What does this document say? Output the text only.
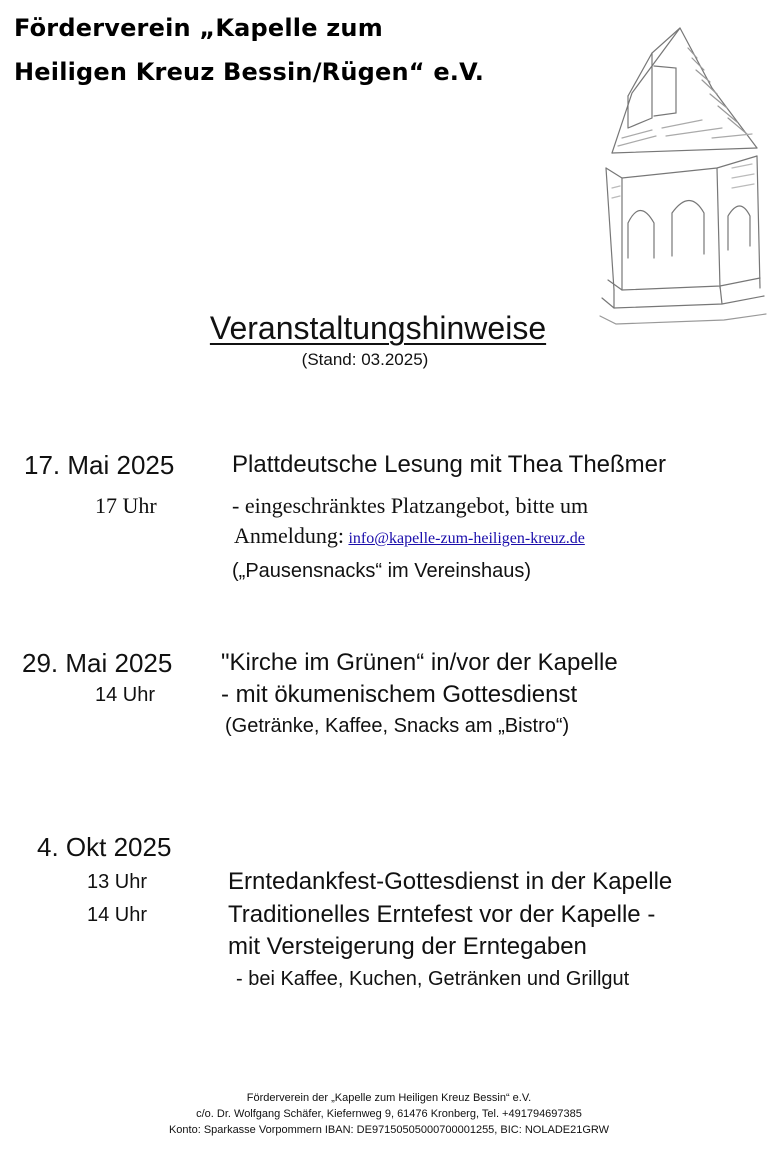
Förderverein „Kapelle zum
Heiligen Kreuz Bessin/Rügen“ e.V.
Veranstaltungshinweise
(Stand: 03.2025)
17. Mai 2025 Plattdeutsche Lesung mit Thea Theßmer
17 Uhr	- eingeschränktes Platzangebot, bitte um
Anmeldung: info@kapelle-zum-heiligen-kreuz.de
(„Pausensnacks“ im Vereinshaus)
29. Mai 2025 "Kirche im Grünen“ in/vor der Kapelle
14 Uhr	- mit ökumenischem Gottesdienst
(Getränke, Kaffee, Snacks am „Bistro“)
4. Okt 2025
13 Uhr	Erntedankfest-Gottesdienst in der Kapelle
14 Uhr	Traditionelles Erntefest vor der Kapelle -
mit Versteigerung der Erntegaben
- bei Kaffee, Kuchen, Getränken und Grillgut
Förderverein der „Kapelle zum Heiligen Kreuz Bessin“ e.V.
c/o. Dr. Wolfgang Schäfer, Kiefernweg 9, 61476 Kronberg, Tel. +491794697385
Konto: Sparkasse Vorpommern IBAN: DE97150505000700001255, BIC: NOLADE21GRW
